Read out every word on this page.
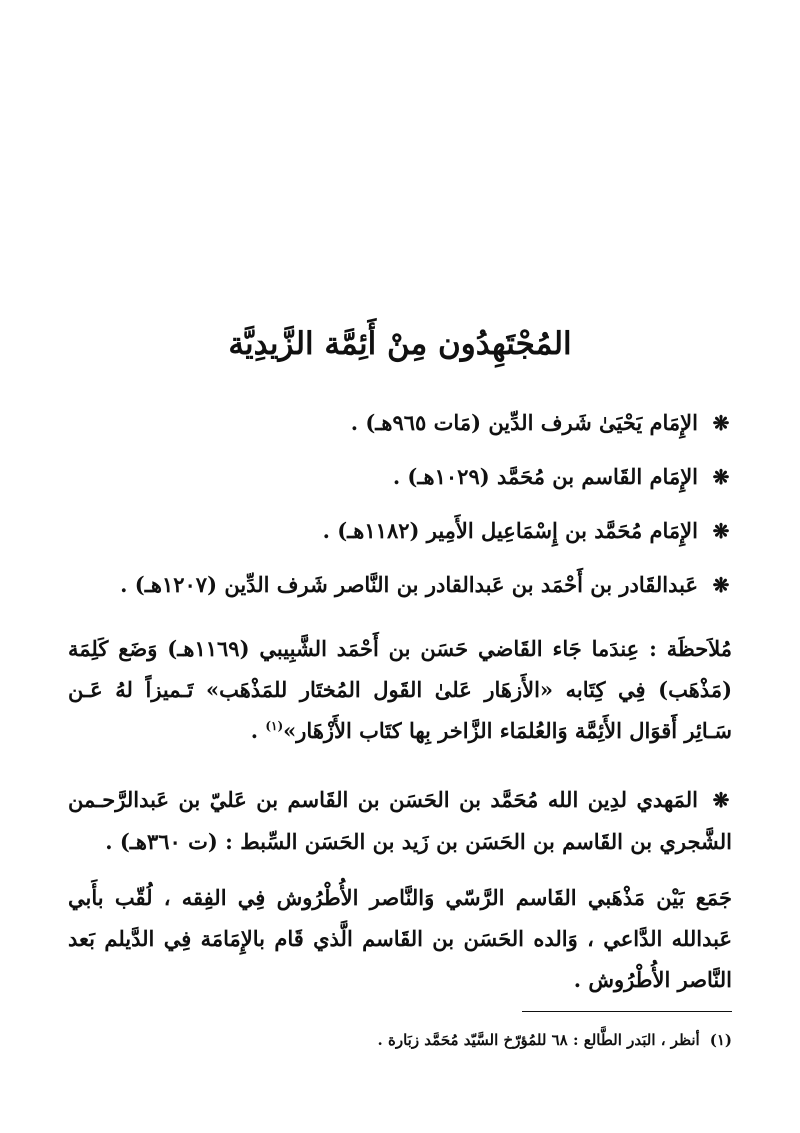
المُجْتَهِدُون مِنْ أَئِمَّة الزَّيدِيَّة
❋الإِمَام يَحْيَىٰ شَرف الدِّين (مَات ٩٦٥هـ) .
❋الإِمَام القَاسم بن مُحَمَّد (١٠٢٩هـ) .
❋الإِمَام مُحَمَّد بن إِسْمَاعِيل الأَمِير (١١٨٢هـ) .
❋عَبدالقَادر بن أَحْمَد بن عَبدالقادر بن النَّاصر شَرف الدِّين (١٢٠٧هـ) .

مُلاَحظَة : عِندَما جَاء القَاضي حَسَن بن أَحْمَد الشَّبِيبي (١١٦٩هـ) وَضَع كَلِمَة (مَذْهَب) فِي كِتَابه «الأَزهَار عَلىٰ القَول المُختَار للمَذْهَب» تَـميزاً لهُ عَـن سَـائِر أَقوَال الأَئِمَّة وَالعُلمَاء الزَّاخر بِها كتَاب الأَزْهَار»$^{(١)}$ .

❋المَهدي لدِين الله مُحَمَّد بن الحَسَن بن القَاسم بن عَليّ بن عَبدالرَّحـمن الشَّجري بن القَاسم بن الحَسَن بن زَيد بن الحَسَن السِّبط : (ت ٣٦٠هـ) .

جَمَع بَيْن مَذْهَبي القَاسم الرَّسّي وَالنَّاصر الأُطْرُوش فِي الفِقه ، لُقّب بأَبي عَبدالله الدَّاعي ، وَالده الحَسَن بن القَاسم الَّذي قَام بالإِمَامَة فِي الدَّيلم بَعد النَّاصر الأُطْرُوش .

(١)أنظر ، البَدر الطَّالع : ٦٨ للمُؤرّخ السَّيّد مُحَمَّد زبَارة .
